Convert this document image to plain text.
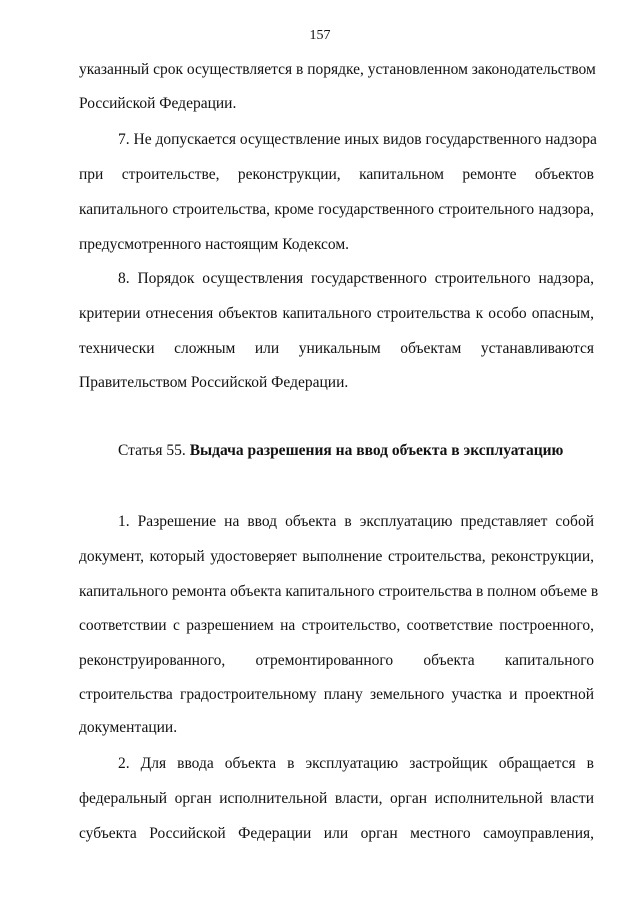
157
указанный срок осуществляется в порядке, установленном законодательством
Российской Федерации.
7. Не допускается осуществление иных видов государственного надзора
при строительстве, реконструкции, капитальном ремонте объектов
капитального строительства, кроме государственного строительного надзора,
предусмотренного настоящим Кодексом.
8. Порядок осуществления государственного строительного надзора,
критерии отнесения объектов капитального строительства к особо опасным,
технически сложным или уникальным объектам устанавливаются
Правительством Российской Федерации.
Статья 55. Выдача разрешения на ввод объекта в эксплуатацию
1. Разрешение на ввод объекта в эксплуатацию представляет собой
документ, который удостоверяет выполнение строительства, реконструкции,
капитального ремонта объекта капитального строительства в полном объеме в
соответствии с разрешением на строительство, соответствие построенного,
реконструированного, отремонтированного объекта капитального
строительства градостроительному плану земельного участка и проектной
документации.
2. Для ввода объекта в эксплуатацию застройщик обращается в
федеральный орган исполнительной власти, орган исполнительной власти
субъекта Российской Федерации или орган местного самоуправления,
